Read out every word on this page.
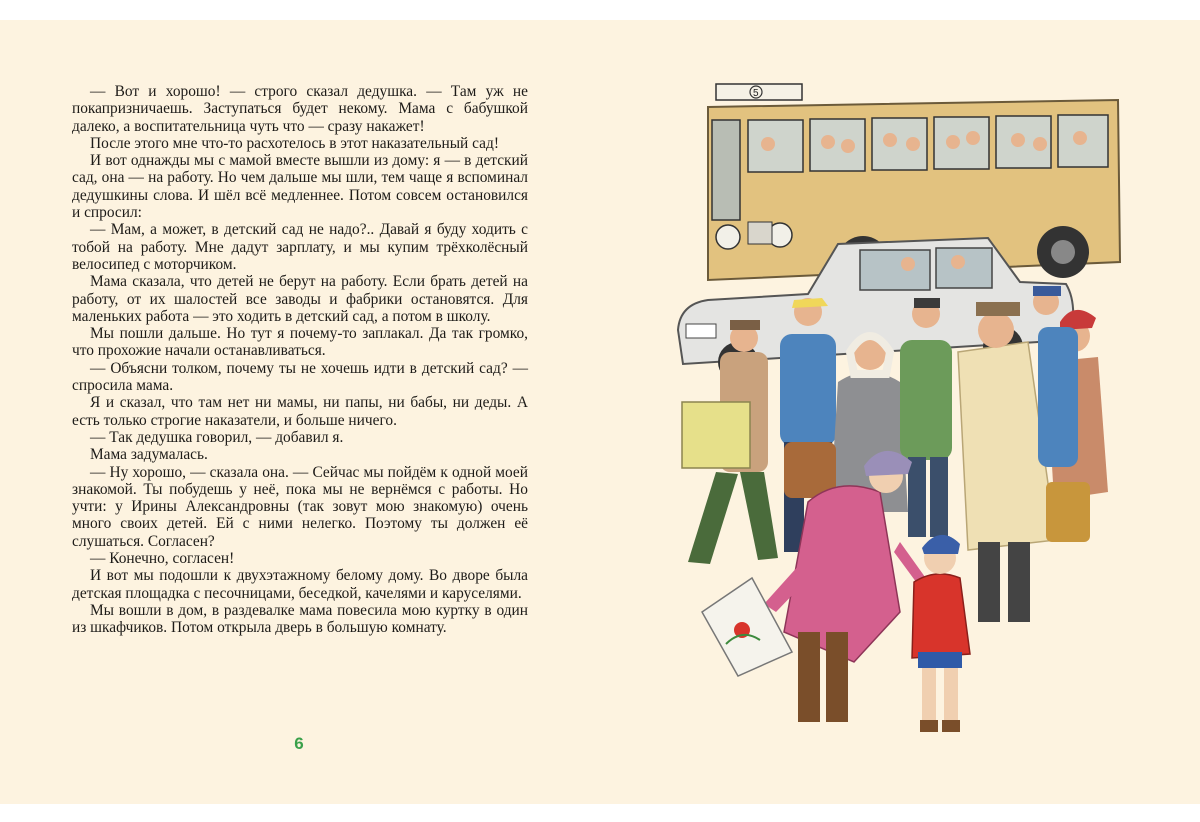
— Вот и хорошо! — строго сказал дедушка. — Там уж не покапризничаешь. Заступаться будет некому. Мама с бабушкой далеко, а воспитательница чуть что — сразу накажет!

После этого мне что-то расхотелось в этот наказательный сад!

И вот однажды мы с мамой вместе вышли из дому: я — в детский сад, она — на работу. Но чем дальше мы шли, тем чаще я вспоминал дедушкины слова. И шёл всё медленнее. Потом совсем остановился и спросил:

— Мам, а может, в детский сад не надо?.. Давай я буду ходить с тобой на работу. Мне дадут зарплату, и мы купим трёхколёсный велосипед с моторчиком.

Мама сказала, что детей не берут на работу. Если брать детей на работу, от их шалостей все заводы и фабрики остановятся. Для маленьких работа — это ходить в детский сад, а потом в школу.

Мы пошли дальше. Но тут я почему-то заплакал. Да так громко, что прохожие начали останавливаться.

— Объясни толком, почему ты не хочешь идти в детский сад? — спросила мама.

Я и сказал, что там нет ни мамы, ни папы, ни бабы, ни деды. А есть только строгие наказатели, и больше ничего.

— Так дедушка говорил, — добавил я.

Мама задумалась.

— Ну хорошо, — сказала она. — Сейчас мы пойдём к одной моей знакомой. Ты побудешь у неё, пока мы не вернёмся с работы. Но учти: у Ирины Александровны (так зовут мою знакомую) очень много своих детей. Ей с ними нелегко. Поэтому ты должен её слушаться. Согласен?

— Конечно, согласен!

И вот мы подошли к двухэтажному белому дому. Во дворе была детская площадка с песочницами, беседкой, качелями и каруселями.

Мы вошли в дом, в раздевалке мама повесила мою куртку в один из шкафчиков. Потом открыла дверь в большую комнату.

6
5
